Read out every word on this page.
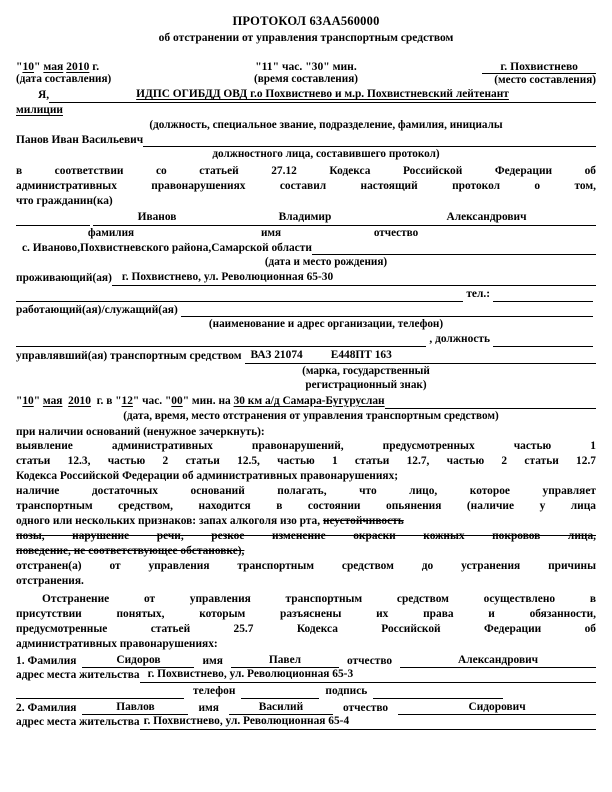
ПРОТОКОЛ 63АА560000
об отстранении от управления транспортным средством
"10" мая 2010 г.
(дата составления)
"11" час. "30" мин.
(время составления)
г. Похвистнево
(место составления)
Я,	ИДПС ОГИБДД ОВД г.о Похвистнево и м.р. Похвистневский лейтенант
милиции
(должность, специальное звание, подразделение, фамилия, инициалы
Панов Иван Васильевич
должностного лица, составившего протокол)
в соответствии со статьей 27.12 Кодекса Российской Федерации об
административных правонарушениях составил настоящий протокол о том,
что гражданин(ка)
Иванов	Владимир	Александрович
фамилия	имя	отчество
с. Иваново,Похвистневского района,Самарской области
(дата и место рождения)
проживающий(ая) г. Похвистнево, ул. Революционная 65-30
тел.:
работающий(ая)/служащий(ая)
(наименование и адрес организации, телефон)
, должность
управлявший(ая) транспортным средством ВАЗ 21074	Е448ПТ 163
(марка, государственный
регистрационный знак)
"10" мая 2010 г. в "12" час. "00" мин. на 30 км а/д Самара-Бугуруслан
(дата, время, место отстранения от управления транспортным средством)
при наличии оснований (ненужное зачеркнуть):
выявление административных правонарушений, предусмотренных частью 1
статьи 12.3, частью 2 статьи 12.5, частью 1 статьи 12.7, частью 2 статьи 12.7
Кодекса Российской Федерации об административных правонарушениях;
наличие достаточных оснований полагать, что лицо, которое управляет
транспортным средством, находится в состоянии опьянения (наличие у лица
одного или нескольких признаков: запах алкоголя изо рта, неустойчивость
позы, нарушение речи, резкое изменение окраски кожных покровов лица,
поведение, не соответствующее обстановке),
отстранен(а) от управления транспортным средством до устранения причины
отстранения.
Отстранение от управления транспортным средством осуществлено в
присутствии понятых, которым разъяснены их права и обязанности,
предусмотренные статьей 25.7 Кодекса Российской Федерации об
административных правонарушениях:
1. Фамилия	Сидоров	имя	Павел	отчество	Александрович
адрес места жительства г. Похвистнево, ул. Революционная 65-3
телефон	подпись
2. Фамилия	Павлов	имя	Василий	отчество	Сидорович
адрес места жительства г. Похвистнево, ул. Революционная 65-4
